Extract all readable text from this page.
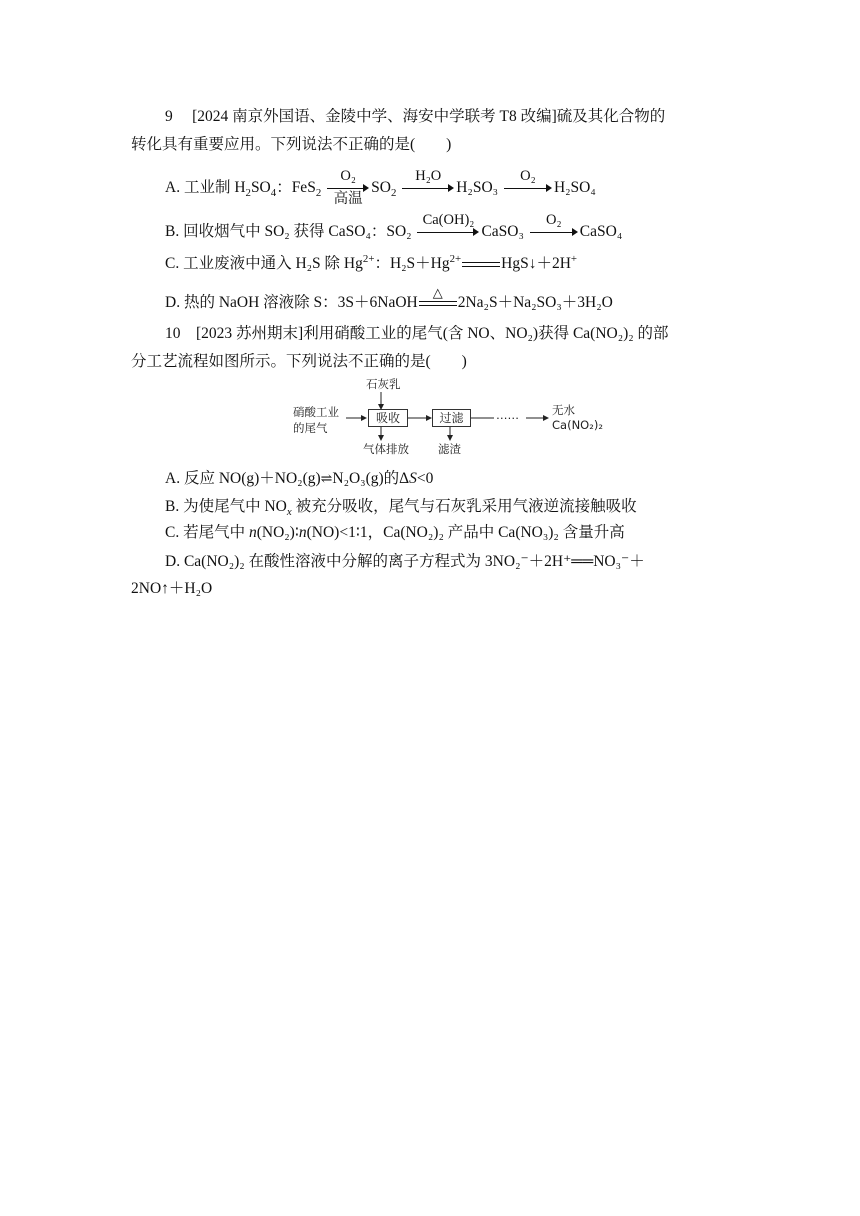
9 [2024 南京外国语、金陵中学、海安中学联考 T8 改编]硫及其化合物的
转化具有重要应用。下列说法不正确的是(　　)
A. 工业制 $H_2SO_4$：FeS$_2$
O₂
高温
$SO_2$
H₂O
H₂SO₃
O₂
H₂SO₄
B. 回收烟气中 SO₂ 获得 CaSO₄：SO₂
Ca(OH)₂
CaSO₃
O₂
CaSO₄
C. 工业废液中通入 H₂S 除 $Hg^{2+}$：$H_2S+Hg^{2+}$	HgS↓＋2H+
D. 热的 NaOH 溶液除 S：3S＋6NaOH
△
2Na₂S＋Na₂SO₃＋3H₂O
10 [2023 苏州期末]利用硝酸工业的尾气(含 NO、NO₂)获得 Ca(NO₂)₂ 的部
分工艺流程如图所示。下列说法不正确的是(　　)
石灰乳
硝酸工业
的尾气
吸收	过滤
气体排放	滤渣
……	无水
Ca(NO₂)₂
A. 反应 NO(g)＋NO₂(g)⇌N₂O₃(g)的ΔS<0
B. 为使尾气中 $NO_x$ 被充分吸收，尾气与石灰乳采用气液逆流接触吸收
C. 若尾气中 n(NO₂)∶n(NO)<1∶1，Ca(NO₂)₂ 产品中 Ca(NO₃)₂ 含量升高
D. Ca(NO₂)₂ 在酸性溶液中分解的离子方程式为 3NO₂⁻＋2H⁺══NO₃⁻＋
2NO↑＋H₂O
